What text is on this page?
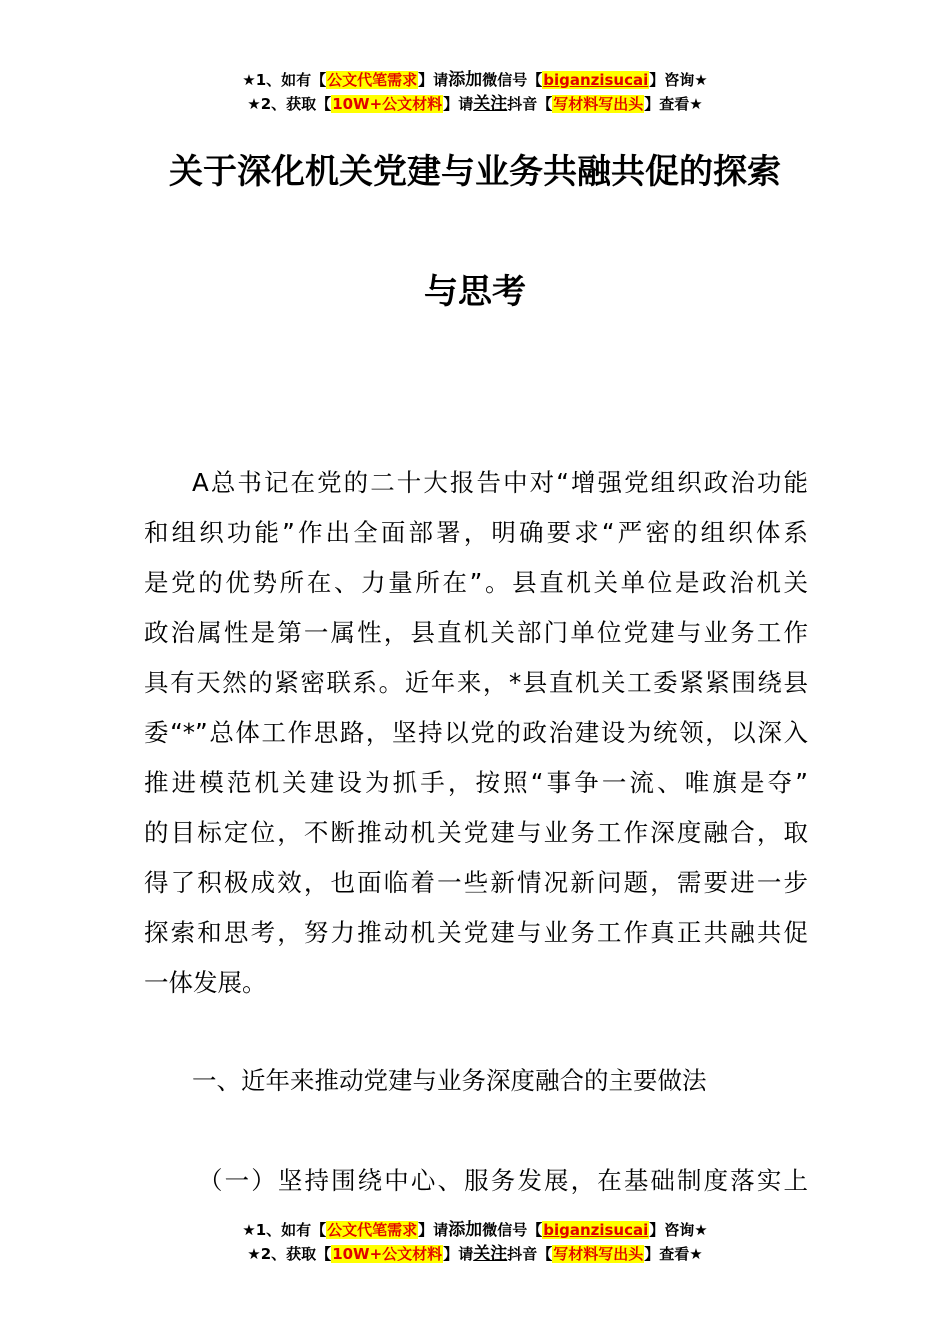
★1、如有【公文代笔需求】请添加微信号【biganzisucai】咨询★
★2、获取【10W+公文材料】请关注抖音【写材料写出头】查看★
关于深化机关党建与业务共融共促的探索
与思考
A总书记在党的二十大报告中对“增强党组织政治功能
和组织功能”作出全面部署，明确要求“严密的组织体系
是党的优势所在、力量所在”。县直机关单位是政治机关
政治属性是第一属性，县直机关部门单位党建与业务工作
具有天然的紧密联系。近年来，*县直机关工委紧紧围绕县
委“*”总体工作思路，坚持以党的政治建设为统领，以深入
推进模范机关建设为抓手，按照“事争一流、唯旗是夺”
的目标定位，不断推动机关党建与业务工作深度融合，取
得了积极成效，也面临着一些新情况新问题，需要进一步
探索和思考，努力推动机关党建与业务工作真正共融共促
一体发展。
一、近年来推动党建与业务深度融合的主要做法
（一）坚持围绕中心、服务发展，在基础制度落实上
★1、如有【公文代笔需求】请添加微信号【biganzisucai】咨询★
★2、获取【10W+公文材料】请关注抖音【写材料写出头】查看★
